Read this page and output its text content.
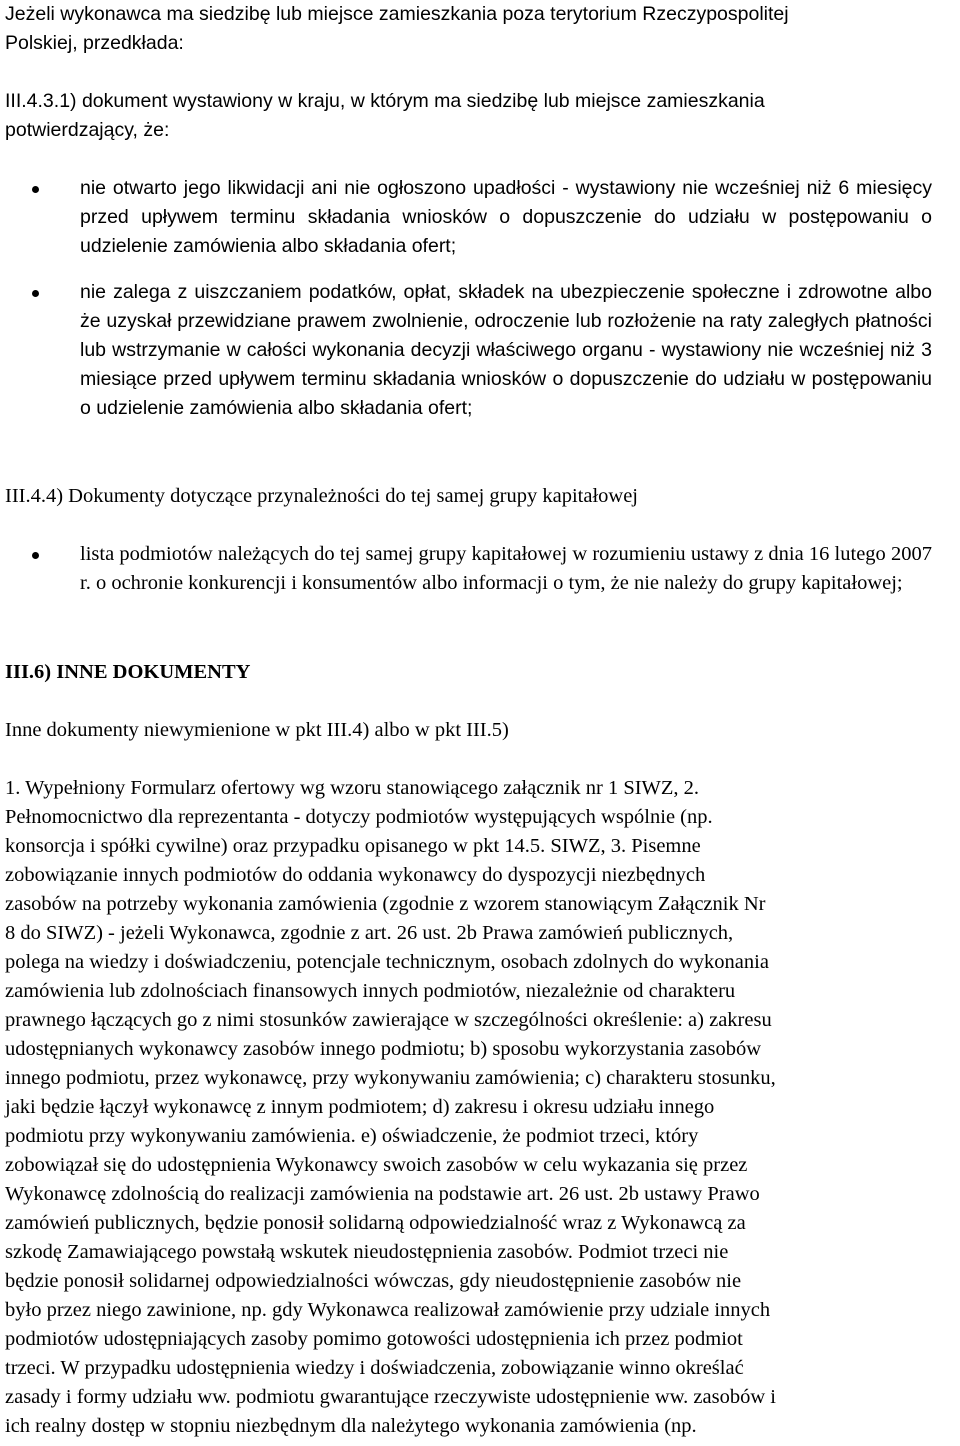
Jeżeli wykonawca ma siedzibę lub miejsce zamieszkania poza terytorium Rzeczypospolitej
Polskiej, przedkłada:
III.4.3.1) dokument wystawiony w kraju, w którym ma siedzibę lub miejsce zamieszkania
potwierdzający, że:

nie otwarto jego likwidacji ani nie ogłoszono upadłości - wystawiony nie wcześniej niż 6 miesięcy przed upływem terminu składania wniosków o dopuszczenie do udziału w postępowaniu o udzielenie zamówienia albo składania ofert;

nie zalega z uiszczaniem podatków, opłat, składek na ubezpieczenie społeczne i zdrowotne albo że uzyskał przewidziane prawem zwolnienie, odroczenie lub rozłożenie na raty zaległych płatności lub wstrzymanie w całości wykonania decyzji właściwego organu - wystawiony nie wcześniej niż 3 miesiące przed upływem terminu składania wniosków o dopuszczenie do udziału w postępowaniu o udzielenie zamówienia albo składania ofert;

III.4.4) Dokumenty dotyczące przynależności do tej samej grupy kapitałowej

lista podmiotów należących do tej samej grupy kapitałowej w rozumieniu ustawy z dnia 16 lutego 2007 r. o ochronie konkurencji i konsumentów albo informacji o tym, że nie należy do grupy kapitałowej;

III.6) INNE DOKUMENTY
Inne dokumenty niewymienione w pkt III.4) albo w pkt III.5)
1. Wypełniony Formularz ofertowy wg wzoru stanowiącego załącznik nr 1 SIWZ, 2.
Pełnomocnictwo dla reprezentanta - dotyczy podmiotów występujących wspólnie (np.
konsorcja i spółki cywilne) oraz przypadku opisanego w pkt 14.5. SIWZ, 3. Pisemne
zobowiązanie innych podmiotów do oddania wykonawcy do dyspozycji niezbędnych
zasobów na potrzeby wykonania zamówienia (zgodnie z wzorem stanowiącym Załącznik Nr
8 do SIWZ) - jeżeli Wykonawca, zgodnie z art. 26 ust. 2b Prawa zamówień publicznych,
polega na wiedzy i doświadczeniu, potencjale technicznym, osobach zdolnych do wykonania
zamówienia lub zdolnościach finansowych innych podmiotów, niezależnie od charakteru
prawnego łączących go z nimi stosunków zawierające w szczególności określenie: a) zakresu
udostępnianych wykonawcy zasobów innego podmiotu; b) sposobu wykorzystania zasobów
innego podmiotu, przez wykonawcę, przy wykonywaniu zamówienia; c) charakteru stosunku,
jaki będzie łączył wykonawcę z innym podmiotem; d) zakresu i okresu udziału innego
podmiotu przy wykonywaniu zamówienia. e) oświadczenie, że podmiot trzeci, który
zobowiązał się do udostępnienia Wykonawcy swoich zasobów w celu wykazania się przez
Wykonawcę zdolnością do realizacji zamówienia na podstawie art. 26 ust. 2b ustawy Prawo
zamówień publicznych, będzie ponosił solidarną odpowiedzialność wraz z Wykonawcą za
szkodę Zamawiającego powstałą wskutek nieudostępnienia zasobów. Podmiot trzeci nie
będzie ponosił solidarnej odpowiedzialności wówczas, gdy nieudostępnienie zasobów nie
było przez niego zawinione, np. gdy Wykonawca realizował zamówienie przy udziale innych
podmiotów udostępniających zasoby pomimo gotowości udostępnienia ich przez podmiot
trzeci. W przypadku udostępnienia wiedzy i doświadczenia, zobowiązanie winno określać
zasady i formy udziału ww. podmiotu gwarantujące rzeczywiste udostępnienie ww. zasobów i
ich realny dostęp w stopniu niezbędnym dla należytego wykonania zamówienia (np.
